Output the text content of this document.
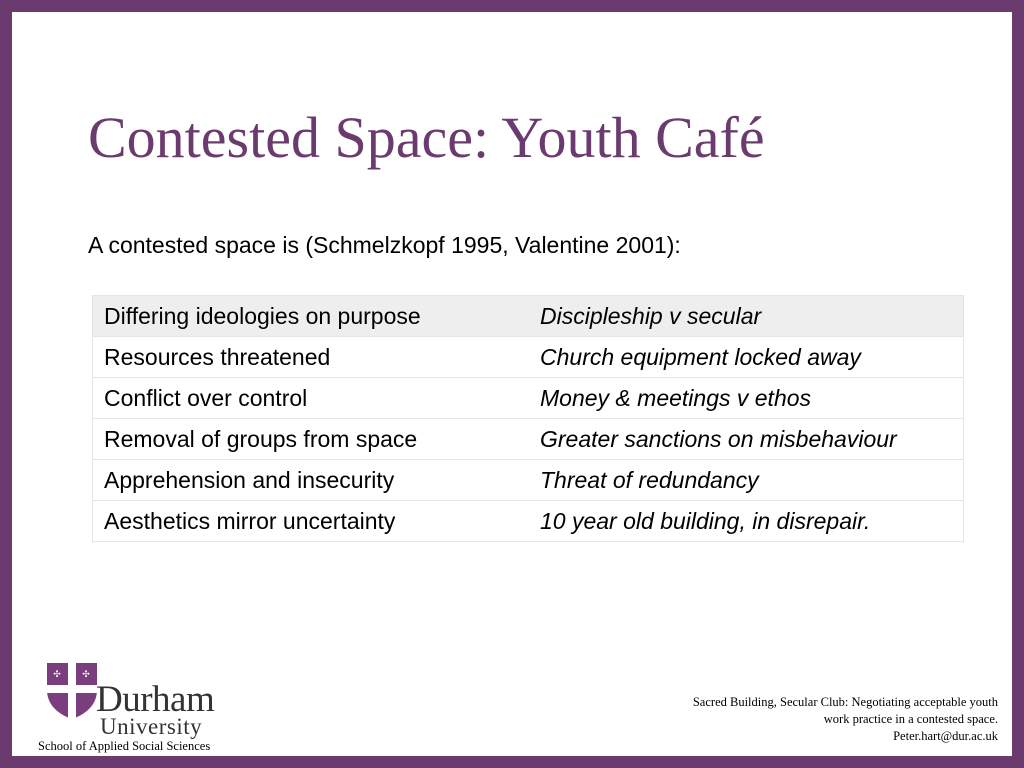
Contested Space: Youth Café
A contested space is (Schmelzkopf 1995, Valentine 2001):
Differing ideologies on purpose	Discipleship v secular
Resources threatened	Church equipment locked away
Conflict over control	Money & meetings v ethos
Removal of groups from space	Greater sanctions on misbehaviour
Apprehension and insecurity	Threat of redundancy
Aesthetics mirror uncertainty	10 year old building, in disrepair.
✣ ✣
Durham
University
School of Applied Social Sciences
Sacred Building, Secular Club: Negotiating acceptable youth
work practice in a contested space.
Peter.hart@dur.ac.uk
